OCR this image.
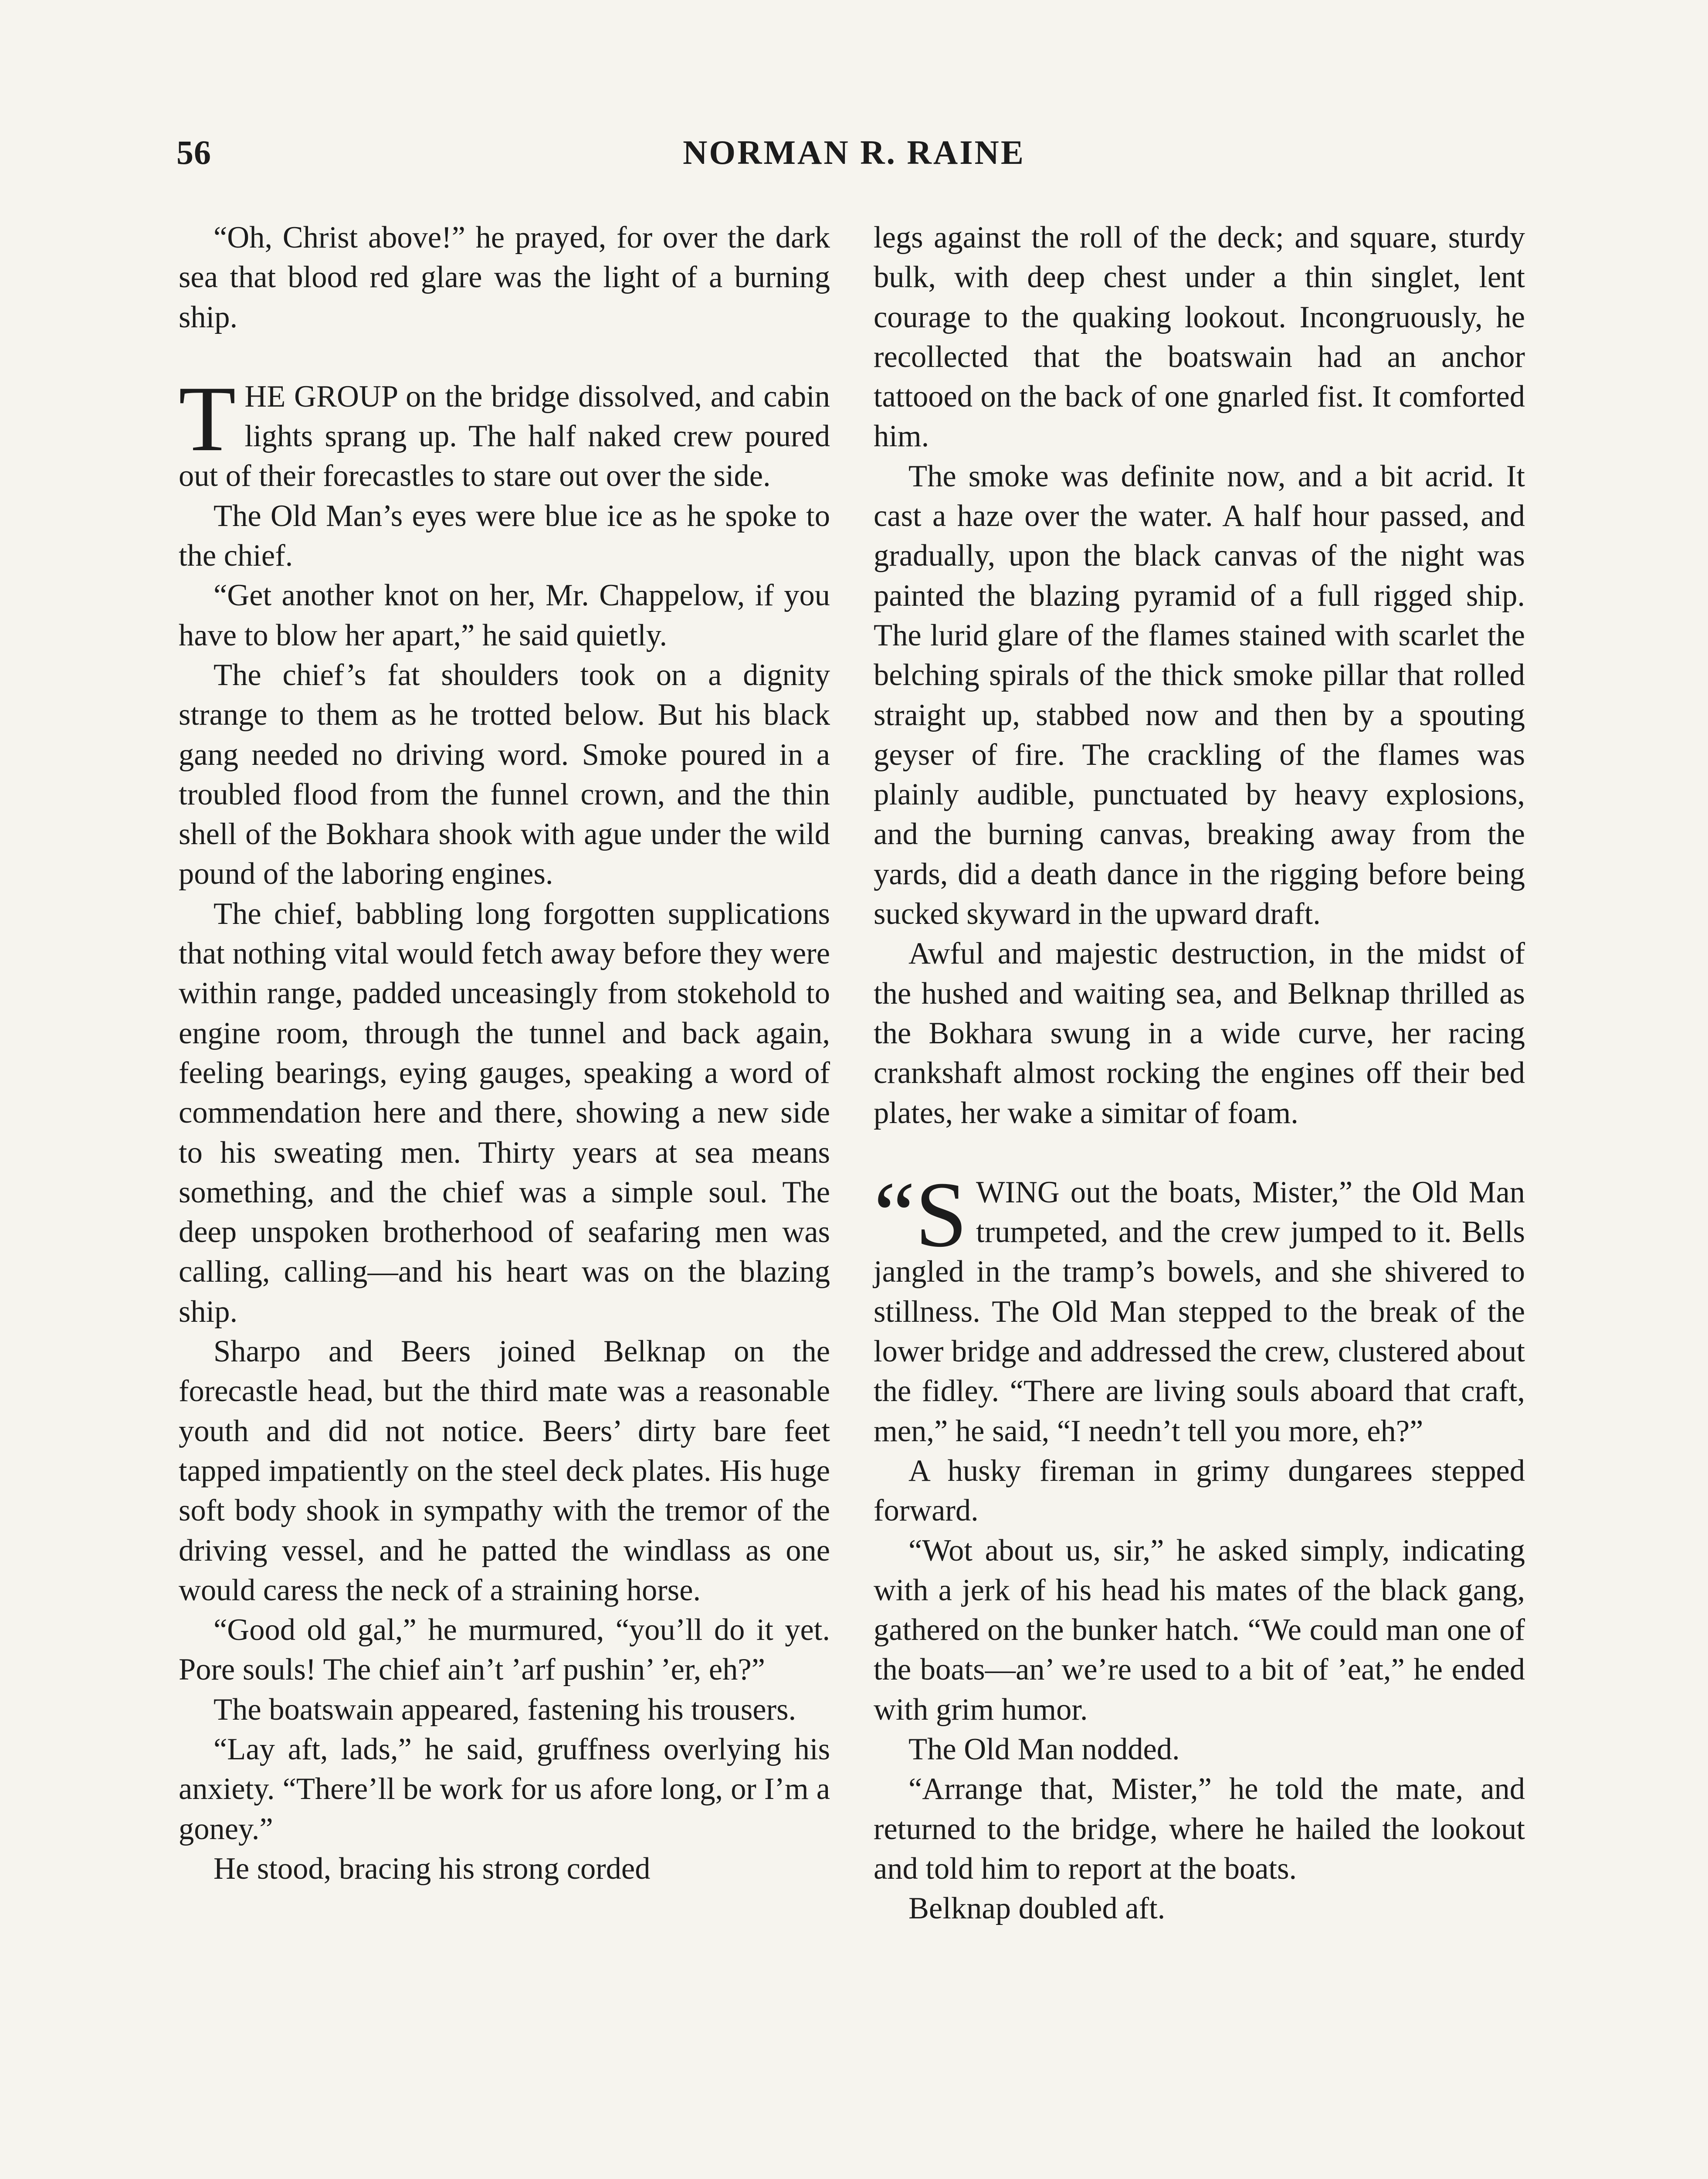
56	NORMAN R. RAINE

“Oh, Christ above!” he prayed, for over the dark sea that blood red glare was the light of a burning ship.

THE GROUP on the bridge dissolved, and cabin lights sprang up. The half naked crew poured out of their forecastles to stare out over the side.

The Old Man’s eyes were blue ice as he spoke to the chief.

“Get another knot on her, Mr. Chappelow, if you have to blow her apart,” he said quietly.

The chief’s fat shoulders took on a dignity strange to them as he trotted below. But his black gang needed no driving word. Smoke poured in a troubled flood from the funnel crown, and the thin shell of the Bokhara shook with ague under the wild pound of the laboring engines.

The chief, babbling long forgotten supplications that nothing vital would fetch away before they were within range, padded unceasingly from stokehold to engine room, through the tunnel and back again, feeling bearings, eying gauges, speaking a word of commendation here and there, showing a new side to his sweating men. Thirty years at sea means something, and the chief was a simple soul. The deep unspoken brotherhood of seafaring men was calling, calling—and his heart was on the blazing ship.

Sharpo and Beers joined Belknap on the forecastle head, but the third mate was a reasonable youth and did not notice. Beers’ dirty bare feet tapped impatiently on the steel deck plates. His huge soft body shook in sympathy with the tremor of the driving vessel, and he patted the windlass as one would caress the neck of a straining horse.

“Good old gal,” he murmured, “you’ll do it yet. Pore souls! The chief ain’t ’arf pushin’ ’er, eh?”

The boatswain appeared, fastening his trousers.

“Lay aft, lads,” he said, gruffness overlying his anxiety. “There’ll be work for us afore long, or I’m a goney.”

He stood, bracing his strong corded

legs against the roll of the deck; and square, sturdy bulk, with deep chest under a thin singlet, lent courage to the quaking lookout. Incongruously, he recollected that the boatswain had an anchor tattooed on the back of one gnarled fist. It comforted him.

The smoke was definite now, and a bit acrid. It cast a haze over the water. A half hour passed, and gradually, upon the black canvas of the night was painted the blazing pyramid of a full rigged ship. The lurid glare of the flames stained with scarlet the belching spirals of the thick smoke pillar that rolled straight up, stabbed now and then by a spouting geyser of fire. The crackling of the flames was plainly audible, punctuated by heavy explosions, and the burning canvas, breaking away from the yards, did a death dance in the rigging before being sucked skyward in the upward draft.

Awful and majestic destruction, in the midst of the hushed and waiting sea, and Belknap thrilled as the Bokhara swung in a wide curve, her racing crankshaft almost rocking the engines off their bed plates, her wake a simitar of foam.

“SWING out the boats, Mister,” the Old Man trumpeted, and the crew jumped to it. Bells jangled in the tramp’s bowels, and she shivered to stillness. The Old Man stepped to the break of the lower bridge and addressed the crew, clustered about the fidley. “There are living souls aboard that craft, men,” he said, “I needn’t tell you more, eh?”

A husky fireman in grimy dungarees stepped forward.

“Wot about us, sir,” he asked simply, indicating with a jerk of his head his mates of the black gang, gathered on the bunker hatch. “We could man one of the boats—an’ we’re used to a bit of ’eat,” he ended with grim humor.

The Old Man nodded.

“Arrange that, Mister,” he told the mate, and returned to the bridge, where he hailed the lookout and told him to report at the boats.

Belknap doubled aft.
